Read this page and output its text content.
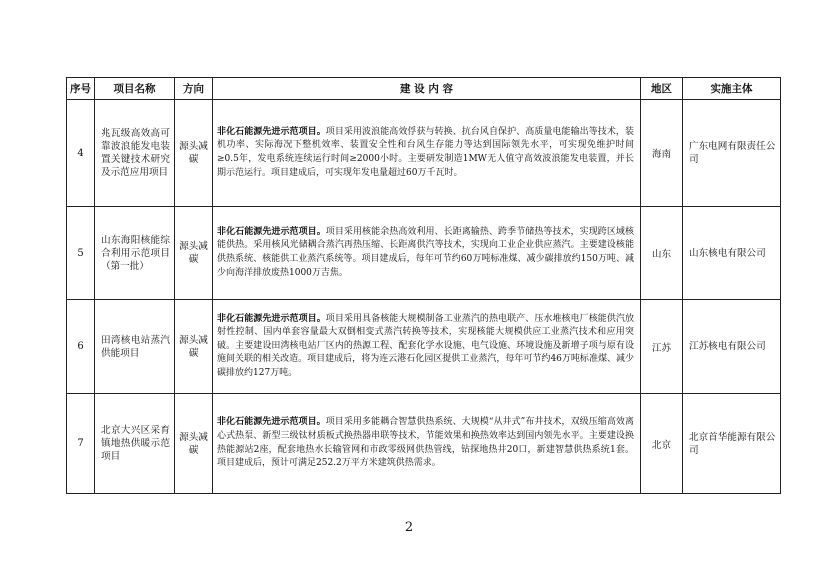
序号	项目名称	方向	建 设 内 容	地区	实施主体
4	兆瓦级高效高可靠波浪能发电装置关键技术研究及示范应用项目	源头减碳	非化石能源先进示范项目。项目采用波浪能高效俘获与转换、抗台风自保护、高质量电能输出等技术，装机功率、实际海况下整机效率、装置安全性和台风生存能力等达到国际领先水平，可实现免维护时间≥0.5年，发电系统连续运行时间≥2000小时。主要研发制造1MW无人值守高效波浪能发电装置，并长期示范运行。项目建成后，可实现年发电量超过60万千瓦时。	海南	广东电网有限责任公司
5	山东海阳核能综合利用示范项目（第一批）	源头减碳	非化石能源先进示范项目。项目采用核能余热高效利用、长距离输热、跨季节储热等技术，实现跨区域核能供热。采用核风光储耦合蒸汽再热压缩、长距离供汽等技术，实现向工业企业供应蒸汽。主要建设核能供热系统、核能供工业蒸汽系统等。项目建成后，每年可节约60万吨标准煤、减少碳排放约150万吨、减少向海洋排放废热1000万吉焦。	山东	山东核电有限公司
6	田湾核电站蒸汽供能项目	源头减碳	非化石能源先进示范项目。项目采用具备核能大规模制备工业蒸汽的热电联产、压水堆核电厂核能供汽放射性控制、国内单套容量最大双倒相变式蒸汽转换等技术，实现核能大规模供应工业蒸汽技术和应用突破。主要建设田湾核电站厂区内的热源工程、配套化学水设施、电气设施、环境设施及新增子项与原有设施间关联的相关改造。项目建成后，将为连云港石化园区提供工业蒸汽，每年可节约46万吨标准煤、减少碳排放约127万吨。	江苏	江苏核电有限公司
7	北京大兴区采育镇地热供暖示范项目	源头减碳	非化石能源先进示范项目。项目采用多能耦合智慧供热系统、大规模“从井式”布井技术，双级压缩高效离心式热泵、新型三级钛材质板式换热器串联等技术，节能效果和换热效率达到国内领先水平。主要建设换热能源站2座，配套地热水长输管网和市政零级网供热管线，钻探地热井20口，新建智慧供热系统1套。项目建成后，预计可满足252.2万平方米建筑供热需求。	北京	北京首华能源有限公司
2
